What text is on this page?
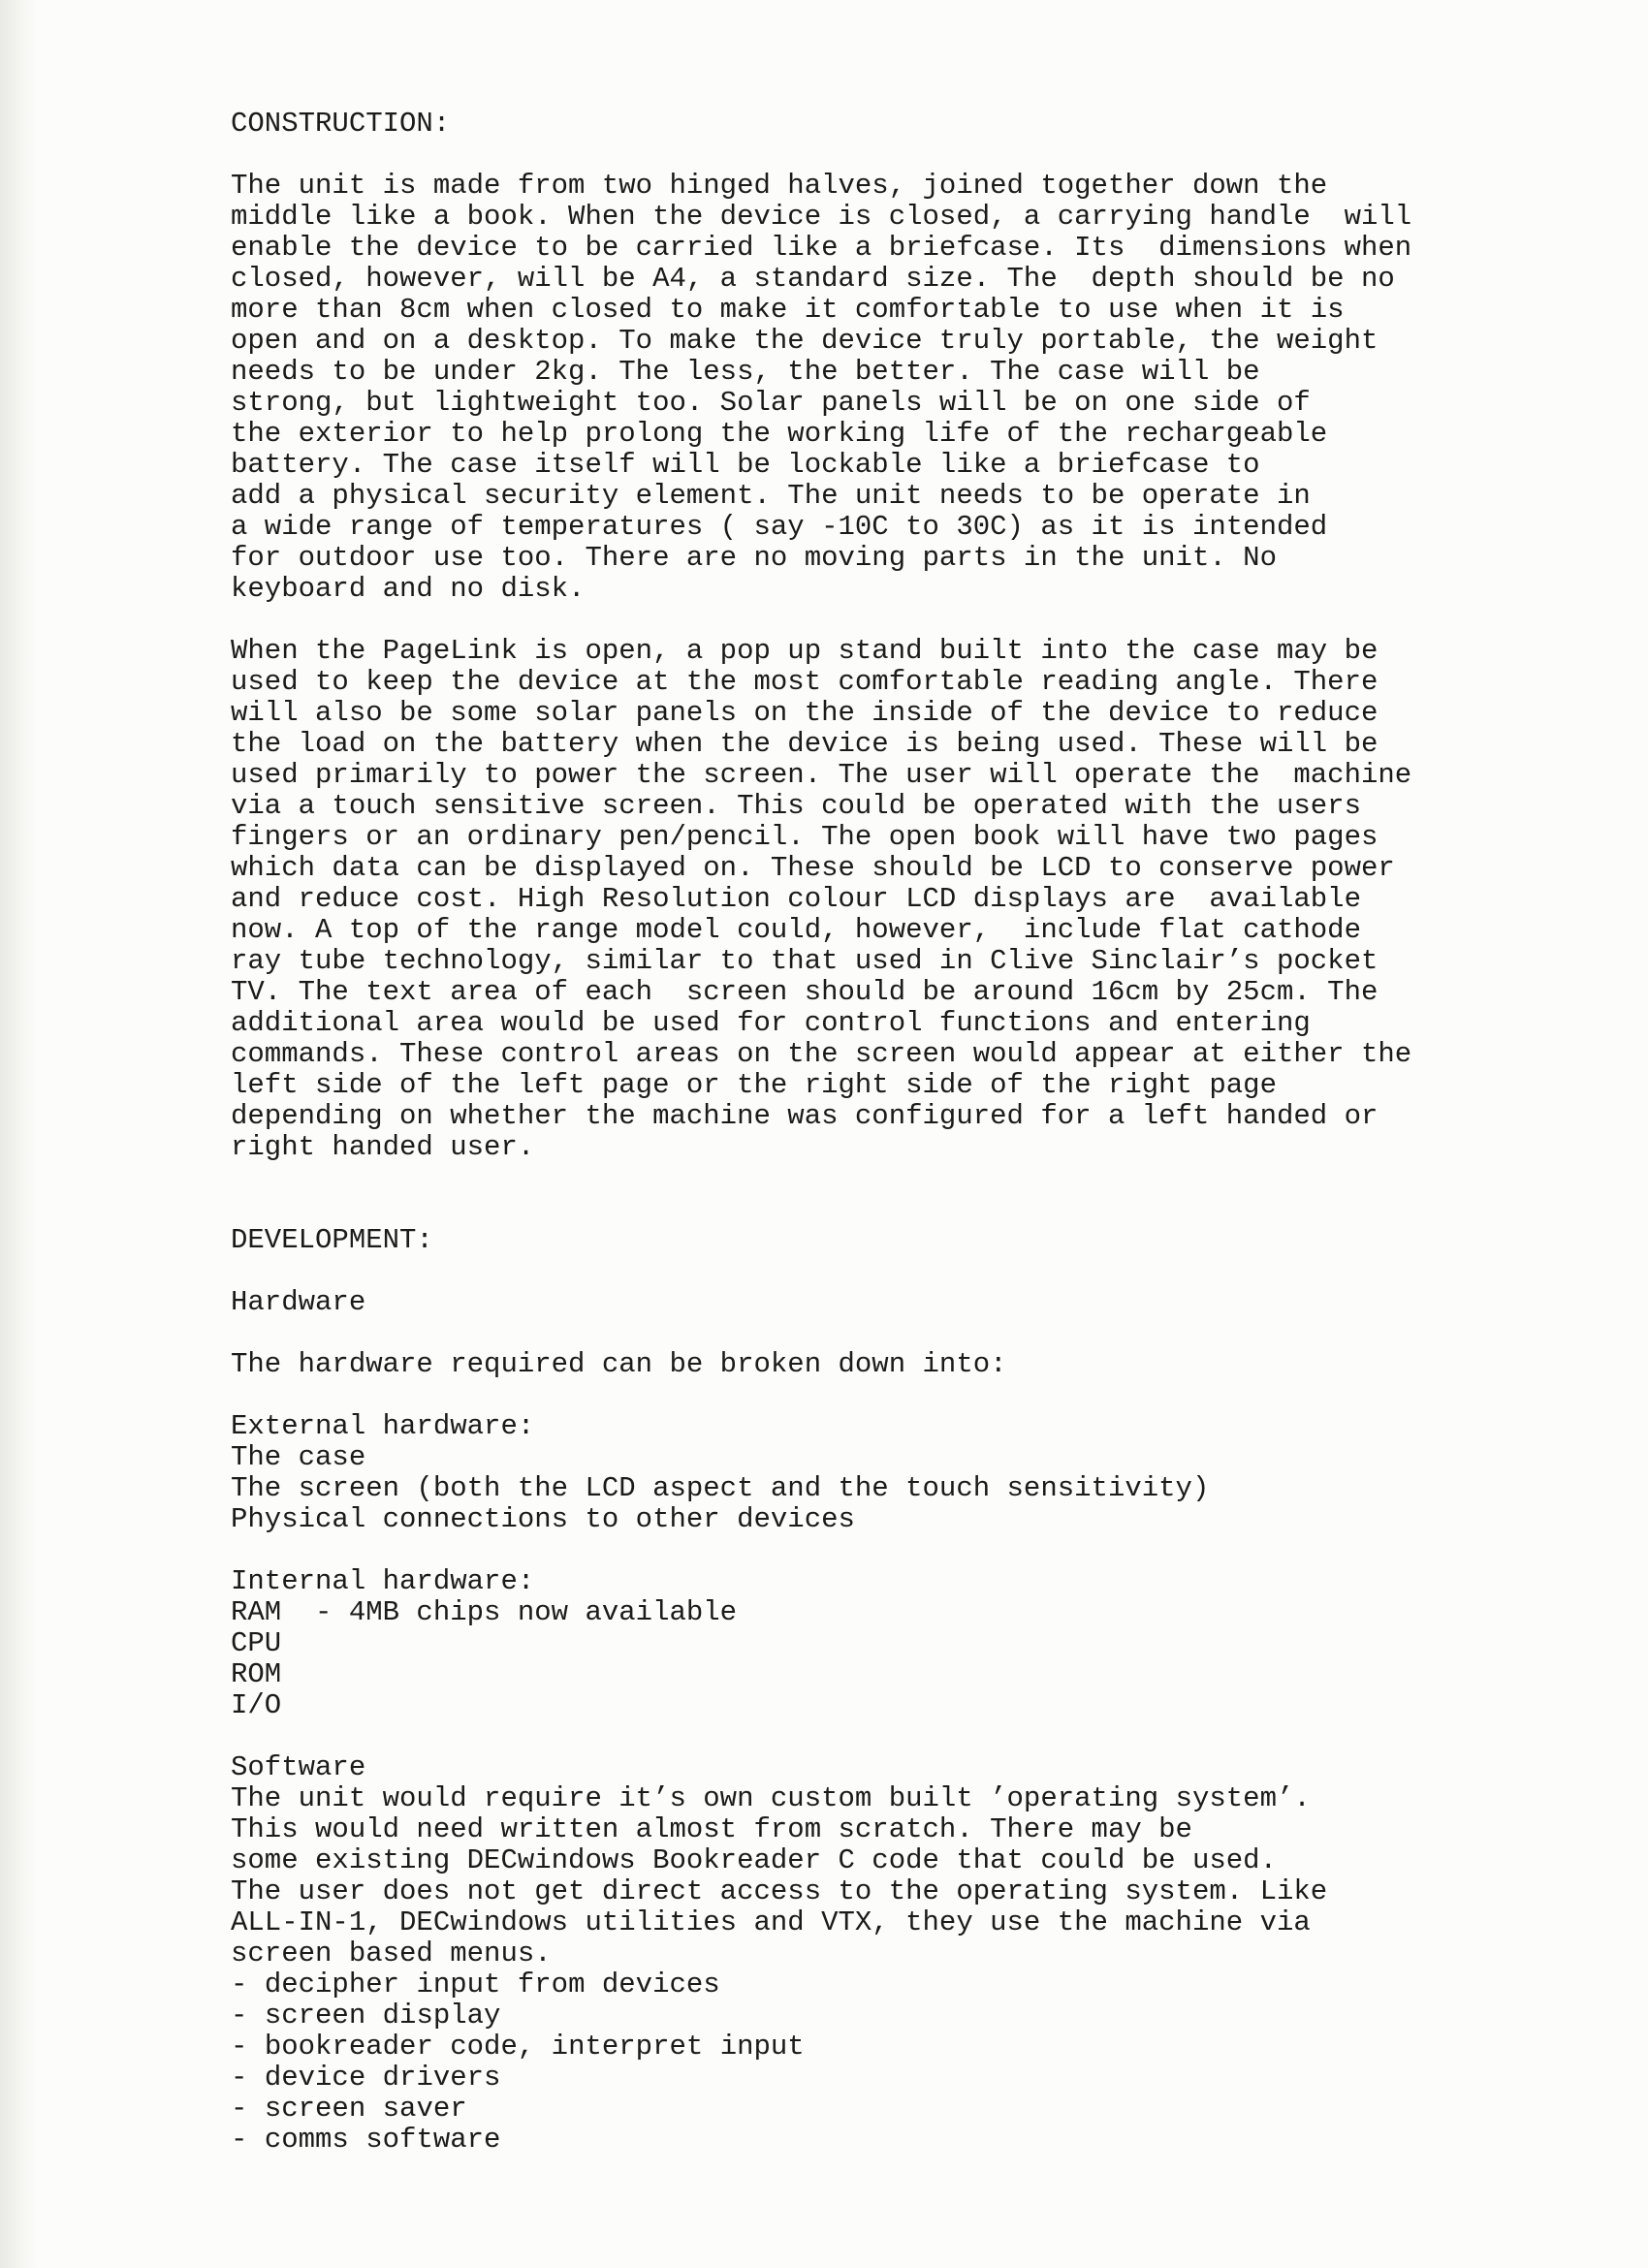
CONSTRUCTION:
The unit is made from two hinged halves, joined together down the
middle like a book. When the device is closed, a carrying handle  will
enable the device to be carried like a briefcase. Its  dimensions when
closed, however, will be A4, a standard size. The  depth should be no
more than 8cm when closed to make it comfortable to use when it is
open and on a desktop. To make the device truly portable, the weight
needs to be under 2kg. The less, the better. The case will be
strong, but lightweight too. Solar panels will be on one side of
the exterior to help prolong the working life of the rechargeable
battery. The case itself will be lockable like a briefcase to
add a physical security element. The unit needs to be operate in
a wide range of temperatures ( say -10C to 30C) as it is intended
for outdoor use too. There are no moving parts in the unit. No
keyboard and no disk.
When the PageLink is open, a pop up stand built into the case may be
used to keep the device at the most comfortable reading angle. There
will also be some solar panels on the inside of the device to reduce
the load on the battery when the device is being used. These will be
used primarily to power the screen. The user will operate the  machine
via a touch sensitive screen. This could be operated with the users
fingers or an ordinary pen/pencil. The open book will have two pages
which data can be displayed on. These should be LCD to conserve power
and reduce cost. High Resolution colour LCD displays are  available
now. A top of the range model could, however,  include flat cathode
ray tube technology, similar to that used in Clive Sinclair’s pocket
TV. The text area of each  screen should be around 16cm by 25cm. The
additional area would be used for control functions and entering
commands. These control areas on the screen would appear at either the
left side of the left page or the right side of the right page
depending on whether the machine was configured for a left handed or
right handed user.
DEVELOPMENT:
Hardware
The hardware required can be broken down into:
External hardware:
The case
The screen (both the LCD aspect and the touch sensitivity)
Physical connections to other devices
Internal hardware:
RAM  - 4MB chips now available
CPU
ROM
I/O
Software
The unit would require it’s own custom built ’operating system’.
This would need written almost from scratch. There may be
some existing DECwindows Bookreader C code that could be used.
The user does not get direct access to the operating system. Like
ALL-IN-1, DECwindows utilities and VTX, they use the machine via
screen based menus.
- decipher input from devices
- screen display
- bookreader code, interpret input
- device drivers
- screen saver
- comms software
